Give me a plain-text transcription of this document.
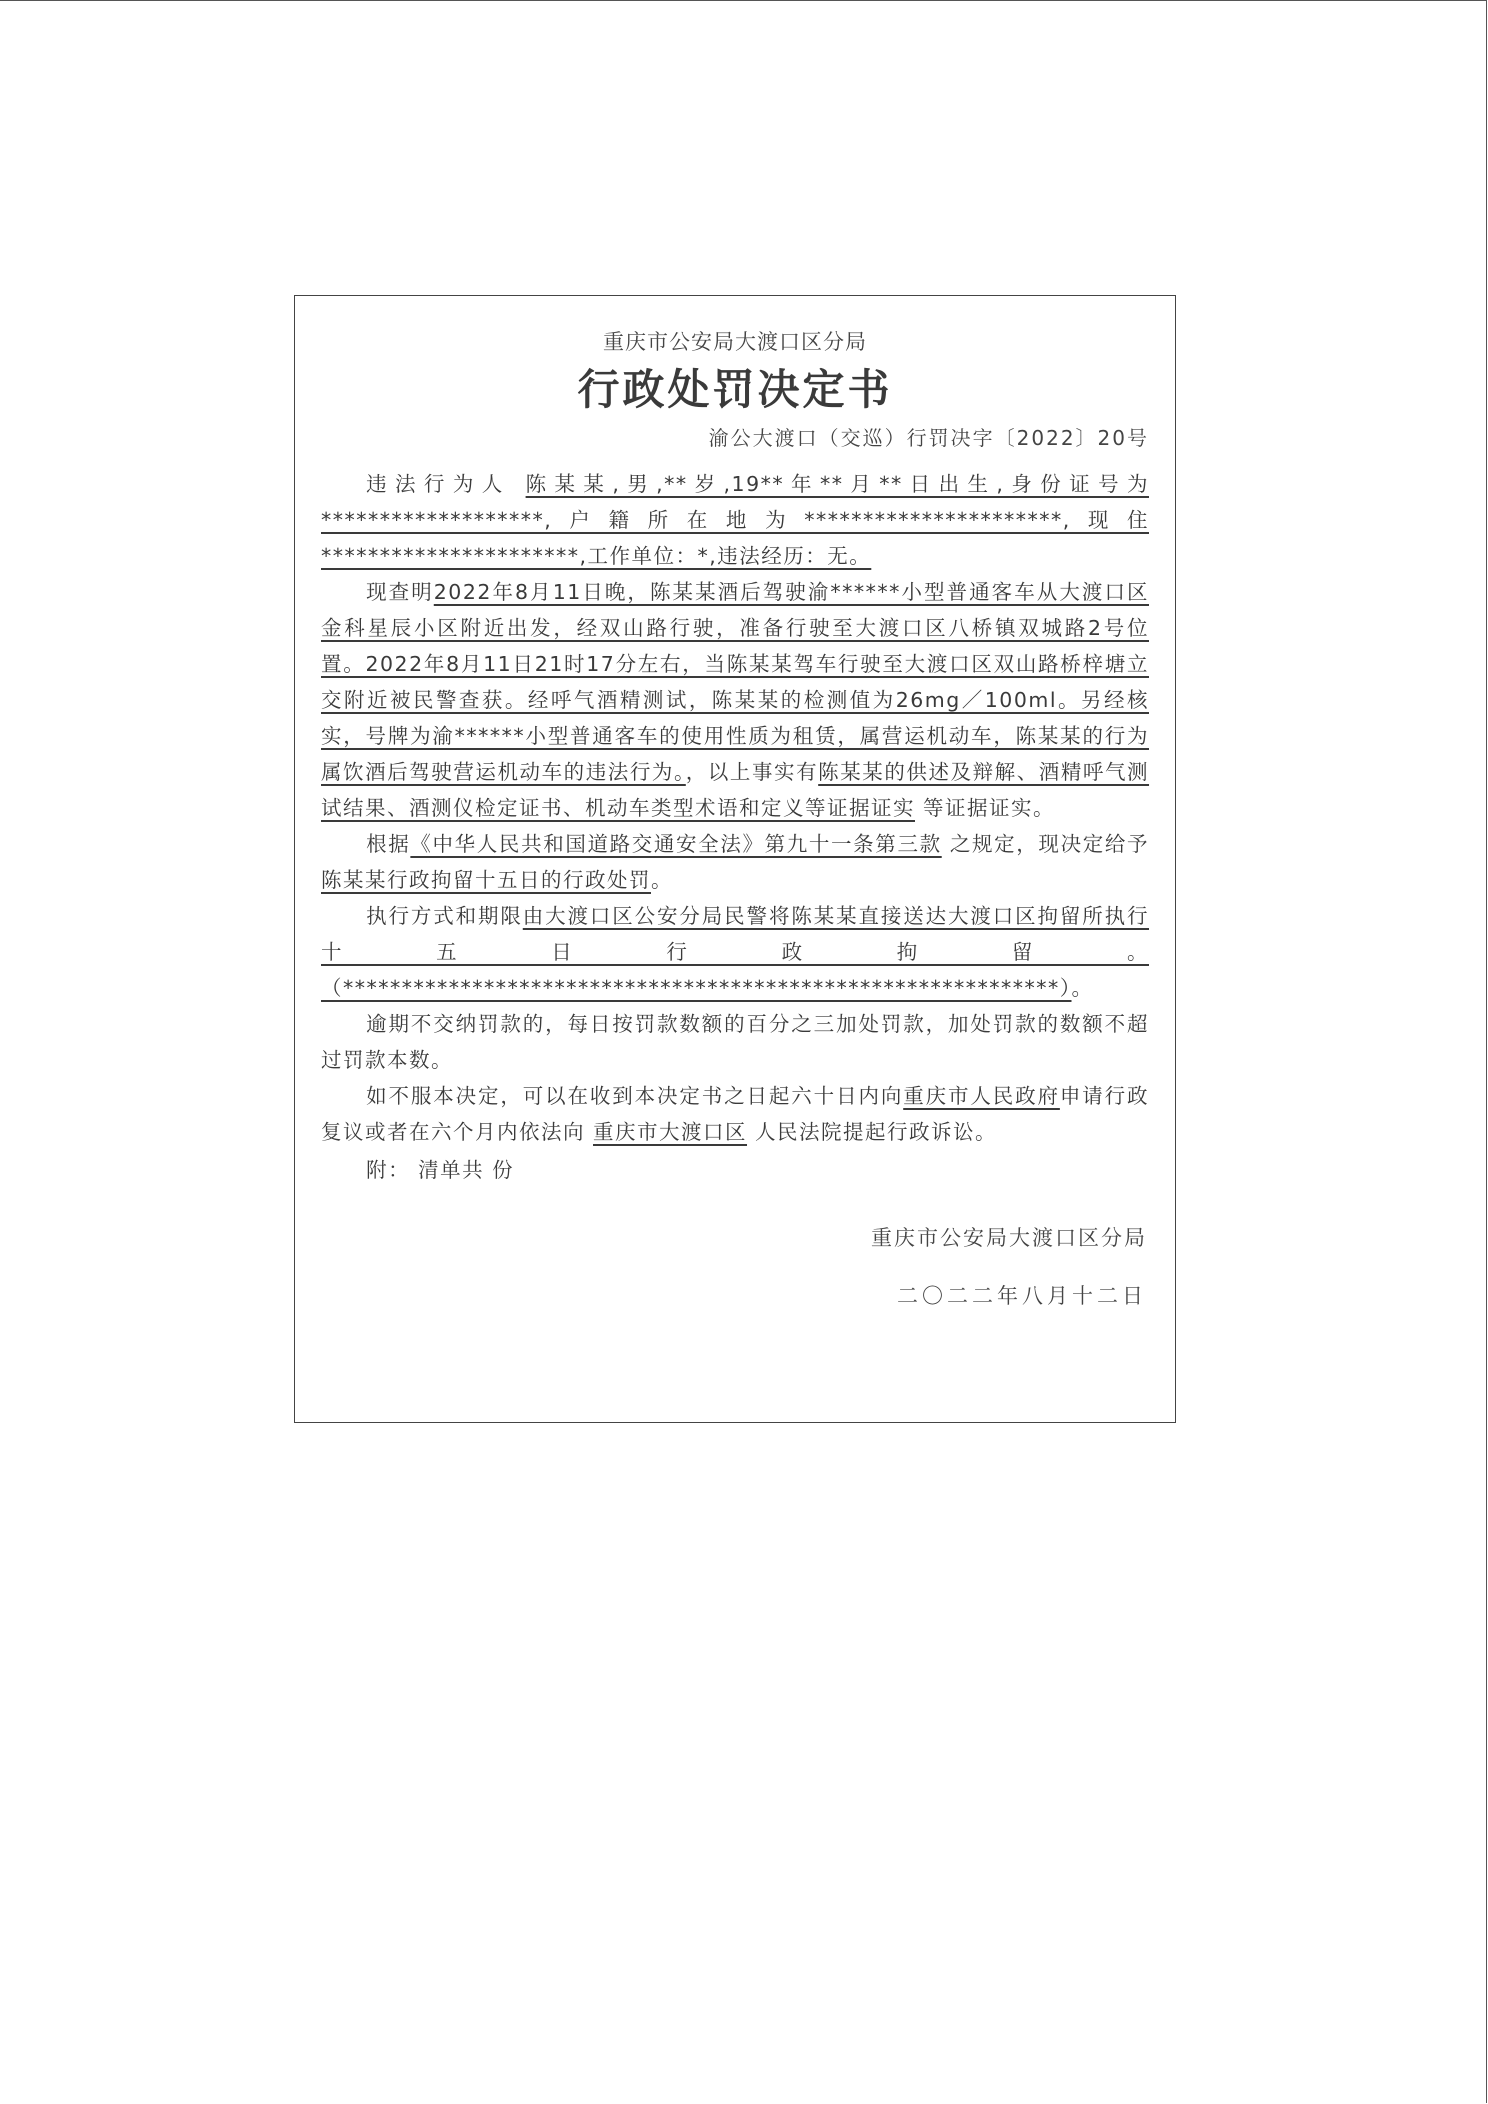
重庆市公安局大渡口区分局
行政处罚决定书
渝公大渡口（交巡）行罚决字〔2022〕20号

违法行为人 陈某某,男,**岁,19**年**月**日出生,身份证号为*******************,户籍所在地为**********************,现住**********************,工作单位：*,违法经历：无。

现查明2022年8月11日晚，陈某某酒后驾驶渝******小型普通客车从大渡口区金科星辰小区附近出发，经双山路行驶，准备行驶至大渡口区八桥镇双城路2号位置。2022年8月11日21时17分左右，当陈某某驾车行驶至大渡口区双山路桥梓塘立交附近被民警查获。经呼气酒精测试，陈某某的检测值为26mg／100ml。另经核实，号牌为渝******小型普通客车的使用性质为租赁，属营运机动车，陈某某的行为属饮酒后驾驶营运机动车的违法行为。，以上事实有陈某某的供述及辩解、酒精呼气测试结果、酒测仪检定证书、机动车类型术语和定义等证据证实 等证据证实。

根据《中华人民共和国道路交通安全法》第九十一条第三款 之规定，现决定给予陈某某行政拘留十五日的行政处罚。

执行方式和期限由大渡口区公安分局民警将陈某某直接送达大渡口区拘留所执行十五日行政拘留。（*************************************************************）。

逾期不交纳罚款的，每日按罚款数额的百分之三加处罚款，加处罚款的数额不超过罚款本数。

如不服本决定，可以在收到本决定书之日起六十日内向重庆市人民政府申请行政复议或者在六个月内依法向 重庆市大渡口区 人民法院提起行政诉讼。

附： 清单共 份

重庆市公安局大渡口区分局
二〇二二年八月十二日
